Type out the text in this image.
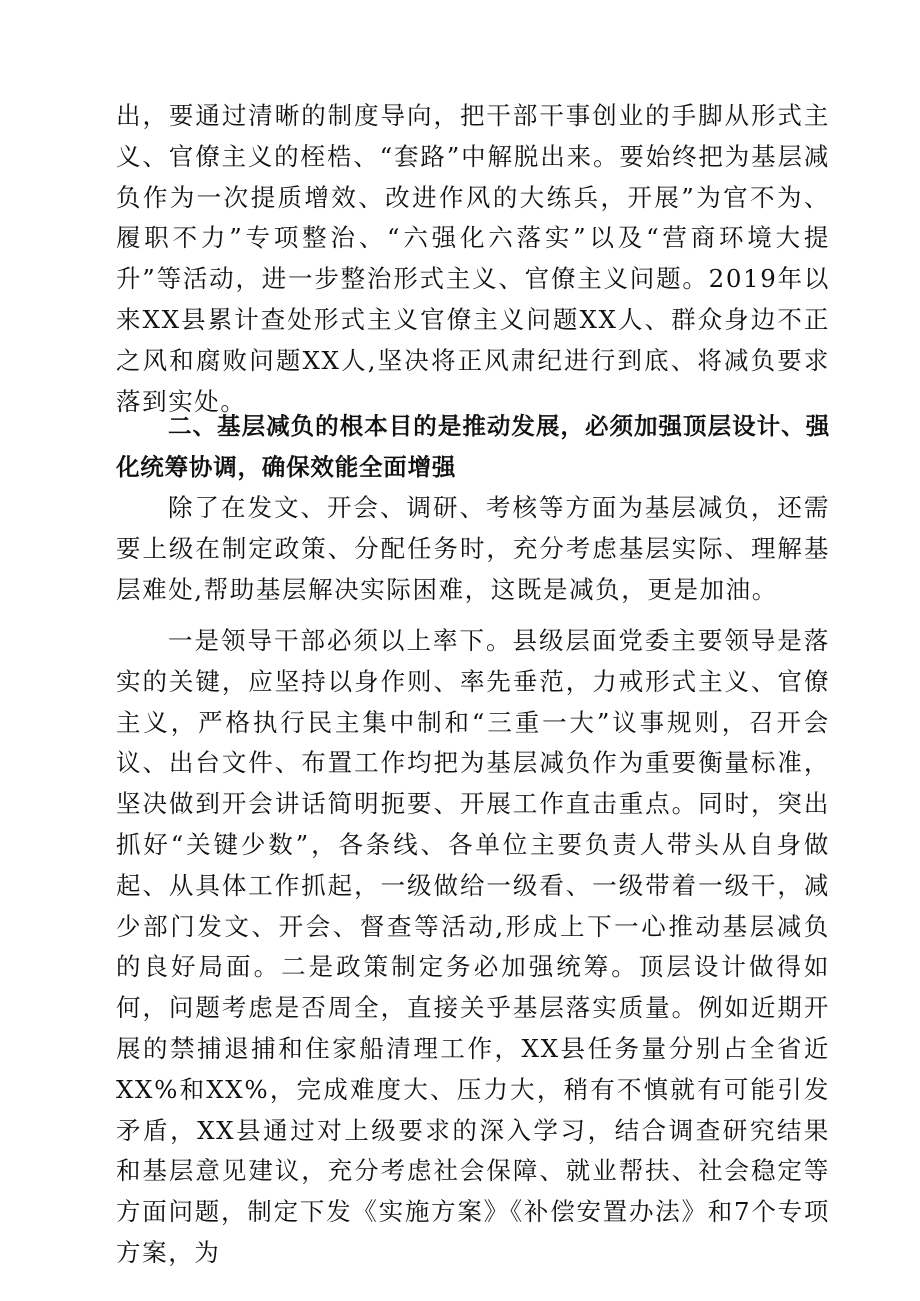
出，要通过清晰的制度导向，把干部干事创业的手脚从形式主义、官僚主义的桎梏、“套路”中解脱出来。要始终把为基层减负作为一次提质增效、改进作风的大练兵，开展”为官不为、履职不力”专项整治、“六强化六落实”以及“营商环境大提升”等活动，进一步整治形式主义、官僚主义问题。2019年以来XX县累计查处形式主义官僚主义问题XX人、群众身边不正之风和腐败问题XX人,坚决将正风肃纪进行到底、将减负要求落到实处。

二、基层减负的根本目的是推动发展，必须加强顶层设计、强化统筹协调，确保效能全面增强

除了在发文、开会、调研、考核等方面为基层减负，还需要上级在制定政策、分配任务时，充分考虑基层实际、理解基层难处,帮助基层解决实际困难，这既是减负，更是加油。

一是领导干部必须以上率下。县级层面党委主要领导是落实的关键，应坚持以身作则、率先垂范，力戒形式主义、官僚主义，严格执行民主集中制和“三重一大”议事规则，召开会议、出台文件、布置工作均把为基层减负作为重要衡量标准，坚决做到开会讲话简明扼要、开展工作直击重点。同时，突出抓好“关键少数”，各条线、各单位主要负责人带头从自身做起、从具体工作抓起，一级做给一级看、一级带着一级干，减少部门发文、开会、督查等活动,形成上下一心推动基层减负的良好局面。二是政策制定务必加强统筹。顶层设计做得如何，问题考虑是否周全，直接关乎基层落实质量。例如近期开展的禁捕退捕和住家船清理工作，XX县任务量分别占全省近XX%和XX%，完成难度大、压力大，稍有不慎就有可能引发矛盾，XX县通过对上级要求的深入学习，结合调查研究结果和基层意见建议，充分考虑社会保障、就业帮扶、社会稳定等方面问题，制定下发《实施方案》《补偿安置办法》和7个专项方案，为
